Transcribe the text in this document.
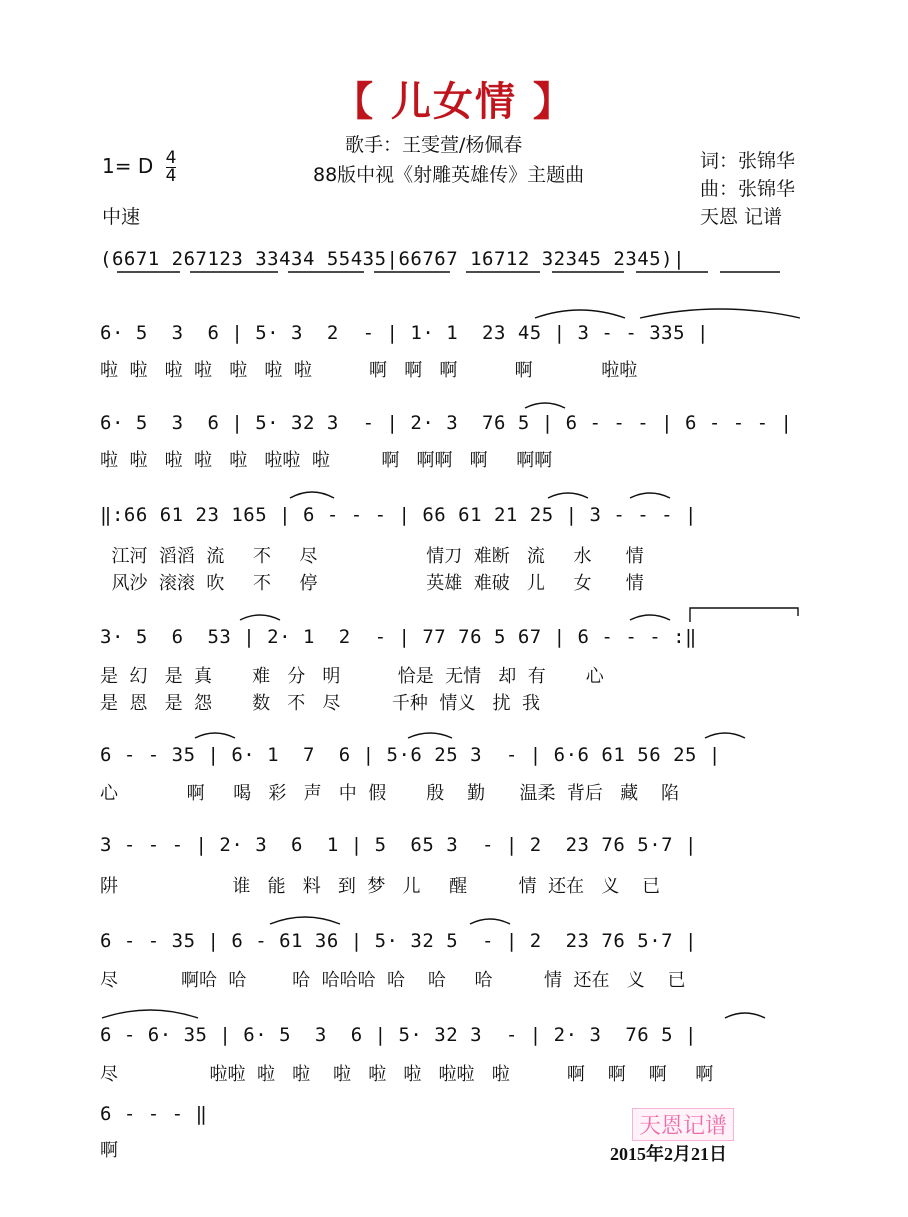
【 儿女情 】
歌手：王雯萱/杨佩春
88版中视《射雕英雄传》主题曲
词：张锦华
曲：张锦华
天恩 记谱
1= D $\frac{4}{4}$
中速
(6671 267123 33434 55435|66767 16712 32345 2345)|
6· 5  3  6 | 5· 3  2  - | 1· 1  23 45 | 3 - - 335 |
啦  啦   啦  啦   啦   啦  啦          啊   啊   啊          啊            啦啦
6· 5  3  6 | 5· 32 3  - | 2· 3  76 5 | 6 - - - | 6 - - - |
啦  啦   啦  啦   啦   啦啦  啦         啊   啊啊   啊     啊啊
‖:66 61 23 165 | 6 - - - | 66 61 21 25 | 3 - - - |
江河  滔滔  流     不     尽                   情刀  难断   流     水      情
风沙  滚滚  吹     不     停                   英雄  难破   儿     女      情
3· 5  6  53 | 2· 1  2  - | 77 76 5 67 | 6 - - - :‖
是  幻   是  真       难   分   明          恰是  无情   却  有       心
是  恩   是  怨       数   不   尽         千种  情义   扰  我
6 - - 35 | 6· 1  7  6 | 5·6 25 3  - | 6·6 61 56 25 |
心            啊     喝   彩   声   中  假       殷    勤      温柔  背后   藏    陷
3 - - - | 2· 3  6  1 | 5  65 3  - | 2  23 76 5·7 |
阱                    谁   能   料   到  梦   儿     醒         情  还在   义    已
6 - - 35 | 6 - 61 36 | 5· 32 5  - | 2  23 76 5·7 |
尽           啊哈  哈        哈  哈哈哈  哈    哈     哈         情  还在   义    已
6 - 6· 35 | 6· 5  3  6 | 5· 32 3  - | 2· 3  76 5 |
尽                啦啦  啦   啦    啦   啦   啦   啦啦   啦          啊    啊    啊     啊
6 - - - ‖
啊
天恩记谱
2015年2月21日
